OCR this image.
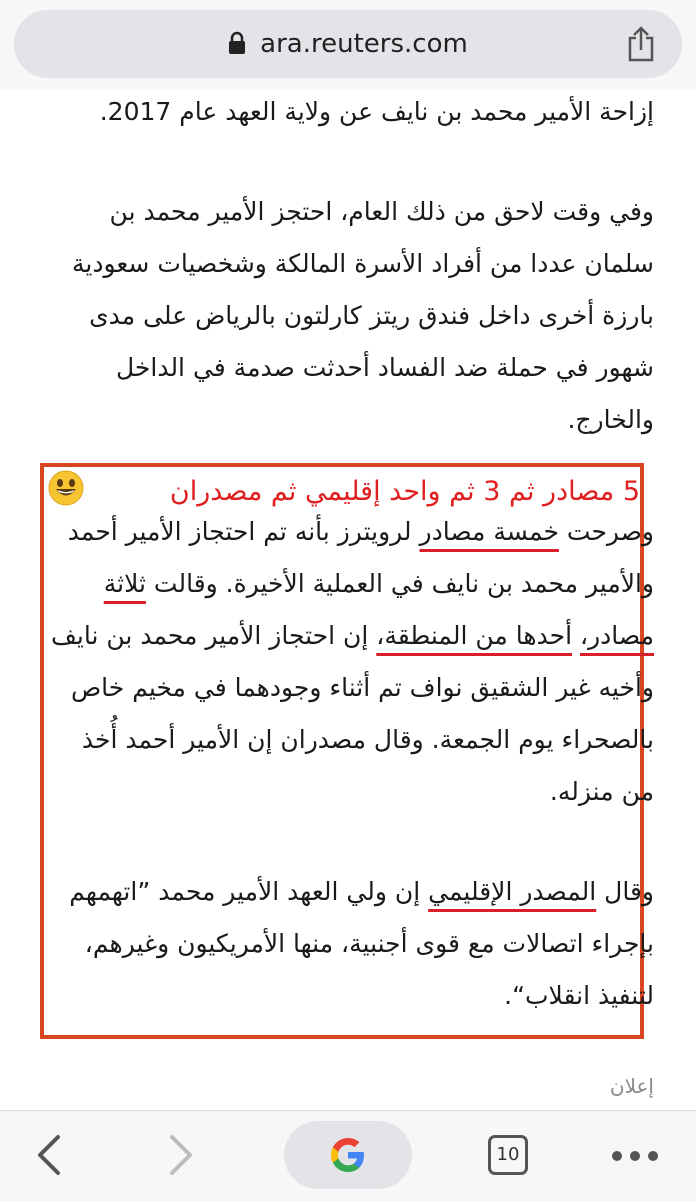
ara.reuters.com
إزاحة الأمير محمد بن نايف عن ولاية العهد عام 2017.
وفي وقت لاحق من ذلك العام، احتجز الأمير محمد بن سلمان عددا من أفراد الأسرة المالكة وشخصيات سعودية بارزة أخرى داخل فندق ريتز كارلتون بالرياض على مدى شهور في حملة ضد الفساد أحدثت صدمة في الداخل والخارج.
5 مصادر ثم 3 ثم واحد إقليمي ثم مصدران
وصرحت خمسة مصادر لرويترز بأنه تم احتجاز الأمير أحمد والأمير محمد بن نايف في العملية الأخيرة. وقالت ثلاثة مصادر، أحدها من المنطقة، إن احتجاز الأمير محمد بن نايف وأخيه غير الشقيق نواف تم أثناء وجودهما في مخيم خاص بالصحراء يوم الجمعة. وقال مصدران إن الأمير أحمد أُخذ من منزله.
وقال المصدر الإقليمي إن ولي العهد الأمير محمد ”اتهمهم بإجراء اتصالات مع قوى أجنبية، منها الأمريكيون وغيرهم، لتنفيذ انقلاب“.
إعلان
10
